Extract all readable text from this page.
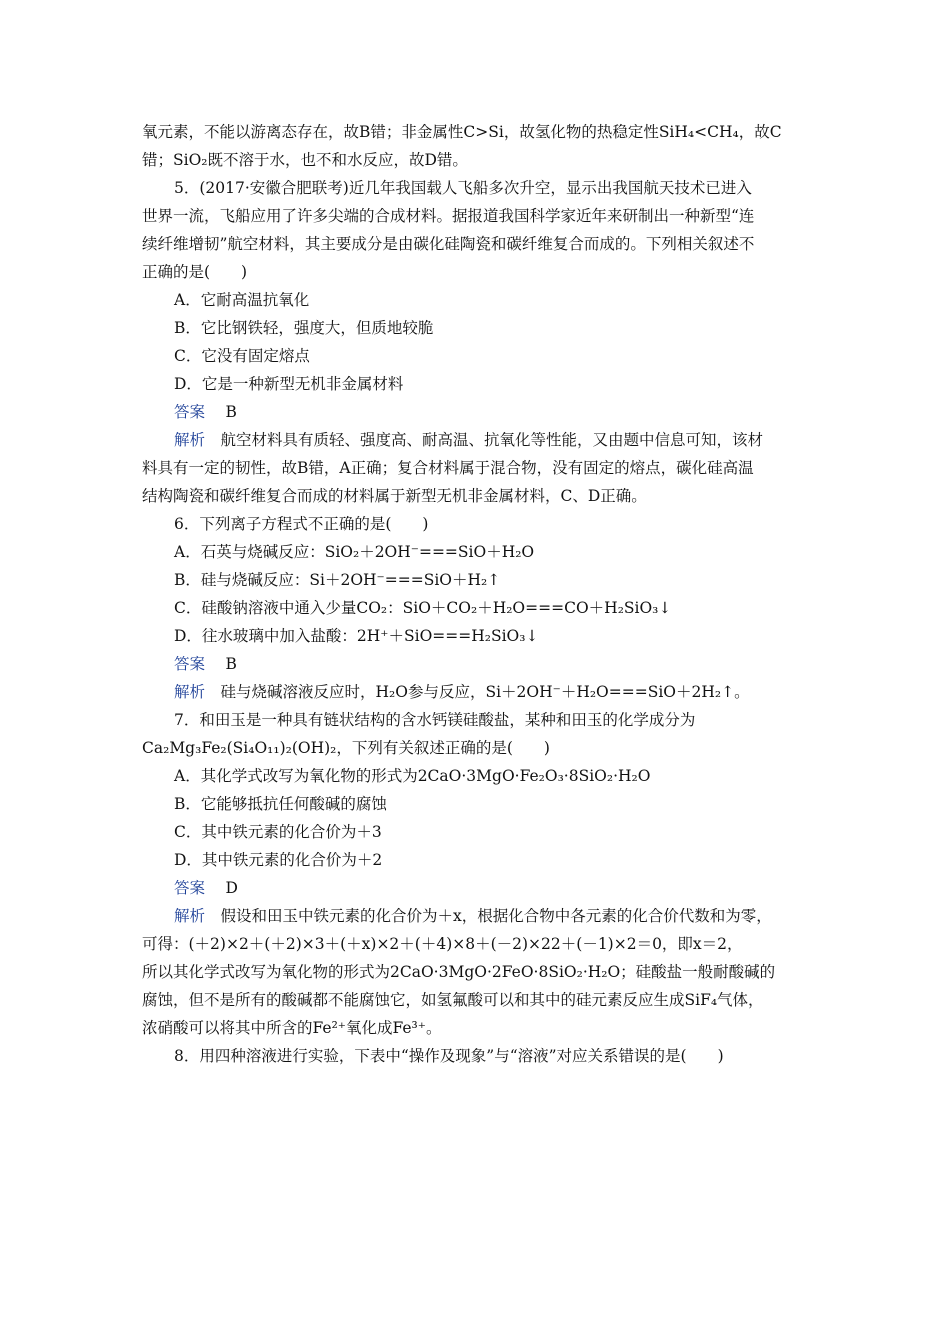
氧元素，不能以游离态存在，故B错；非金属性C>Si，故氢化物的热稳定性SiH₄<CH₄，故C
错；SiO₂既不溶于水，也不和水反应，故D错。
5．(2017·安徽合肥联考)近几年我国载人飞船多次升空，显示出我国航天技术已进入
世界一流，飞船应用了许多尖端的合成材料。据报道我国科学家近年来研制出一种新型“连
续纤维增韧”航空材料，其主要成分是由碳化硅陶瓷和碳纤维复合而成的。下列相关叙述不
正确的是(　　)
A．它耐高温抗氧化
B．它比钢铁轻，强度大，但质地较脆
C．它没有固定熔点
D．它是一种新型无机非金属材料
答案　 B
解析　 航空材料具有质轻、强度高、耐高温、抗氧化等性能，又由题中信息可知，该材
料具有一定的韧性，故B错，A正确；复合材料属于混合物，没有固定的熔点，碳化硅高温
结构陶瓷和碳纤维复合而成的材料属于新型无机非金属材料，C、D正确。
6．下列离子方程式不正确的是(　　)
A．石英与烧碱反应：SiO₂＋2OH⁻===SiO＋H₂O
B．硅与烧碱反应：Si＋2OH⁻===SiO＋H₂↑
C．硅酸钠溶液中通入少量CO₂：SiO＋CO₂＋H₂O===CO＋H₂SiO₃↓
D．往水玻璃中加入盐酸：2H⁺＋SiO===H₂SiO₃↓
答案　 B
解析　 硅与烧碱溶液反应时，H₂O参与反应，Si＋2OH⁻＋H₂O===SiO＋2H₂↑。
7．和田玉是一种具有链状结构的含水钙镁硅酸盐，某种和田玉的化学成分为
Ca₂Mg₃Fe₂(Si₄O₁₁)₂(OH)₂，下列有关叙述正确的是(　　)
A．其化学式改写为氧化物的形式为2CaO·3MgO·Fe₂O₃·8SiO₂·H₂O
B．它能够抵抗任何酸碱的腐蚀
C．其中铁元素的化合价为＋3
D．其中铁元素的化合价为＋2
答案　 D
解析　 假设和田玉中铁元素的化合价为＋x，根据化合物中各元素的化合价代数和为零，
可得：(＋2)×2＋(＋2)×3＋(＋x)×2＋(＋4)×8＋(－2)×22＋(－1)×2＝0，即x＝2，
所以其化学式改写为氧化物的形式为2CaO·3MgO·2FeO·8SiO₂·H₂O；硅酸盐一般耐酸碱的
腐蚀，但不是所有的酸碱都不能腐蚀它，如氢氟酸可以和其中的硅元素反应生成SiF₄气体，
浓硝酸可以将其中所含的Fe²⁺氧化成Fe³⁺。
8．用四种溶液进行实验，下表中“操作及现象”与“溶液”对应关系错误的是(　　)
